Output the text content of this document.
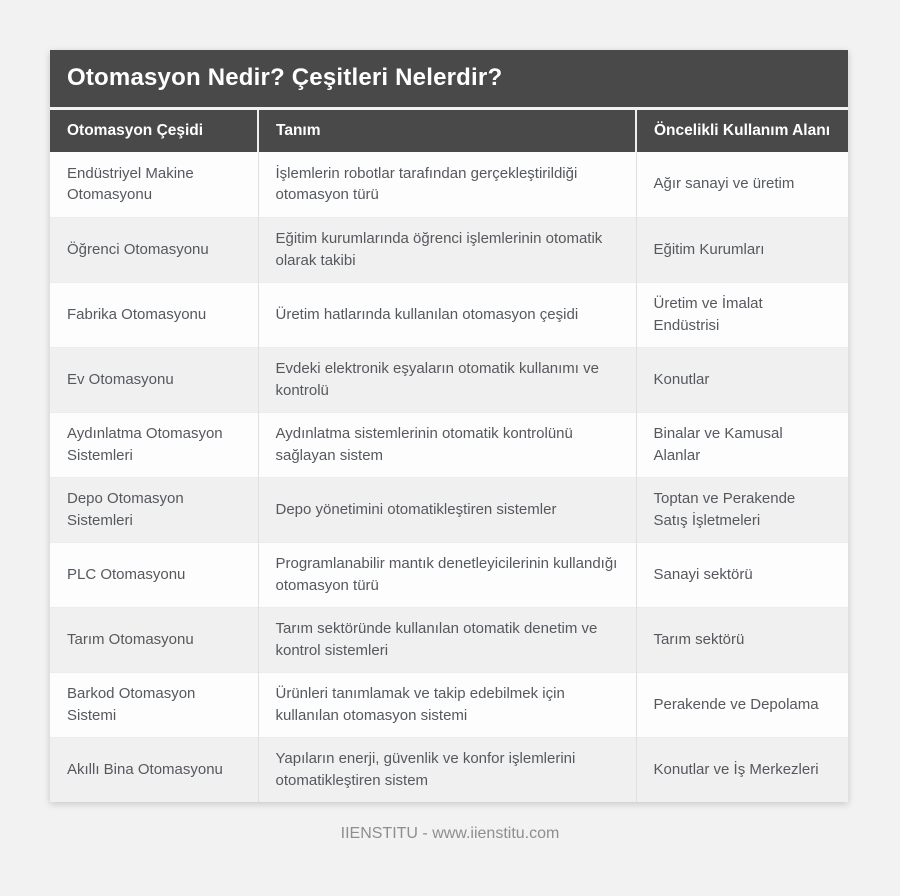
Otomasyon Nedir? Çeşitleri Nelerdir?
Otomasyon Çeşidi	Tanım	Öncelikli Kullanım Alanı
Endüstriyel Makine Otomasyonu	İşlemlerin robotlar tarafından gerçekleştirildiği otomasyon türü	Ağır sanayi ve üretim
Öğrenci Otomasyonu	Eğitim kurumlarında öğrenci işlemlerinin otomatik olarak takibi	Eğitim Kurumları
Fabrika Otomasyonu	Üretim hatlarında kullanılan otomasyon çeşidi	Üretim ve İmalat Endüstrisi
Ev Otomasyonu	Evdeki elektronik eşyaların otomatik kullanımı ve kontrolü	Konutlar
Aydınlatma Otomasyon Sistemleri	Aydınlatma sistemlerinin otomatik kontrolünü sağlayan sistem	Binalar ve Kamusal Alanlar
Depo Otomasyon Sistemleri	Depo yönetimini otomatikleştiren sistemler	Toptan ve Perakende Satış İşletmeleri
PLC Otomasyonu	Programlanabilir mantık denetleyicilerinin kullandığı otomasyon türü	Sanayi sektörü
Tarım Otomasyonu	Tarım sektöründe kullanılan otomatik denetim ve kontrol sistemleri	Tarım sektörü
Barkod Otomasyon Sistemi	Ürünleri tanımlamak ve takip edebilmek için kullanılan otomasyon sistemi	Perakende ve Depolama
Akıllı Bina Otomasyonu	Yapıların enerji, güvenlik ve konfor işlemlerini otomatikleştiren sistem	Konutlar ve İş Merkezleri
IIENSTITU - www.iienstitu.com
